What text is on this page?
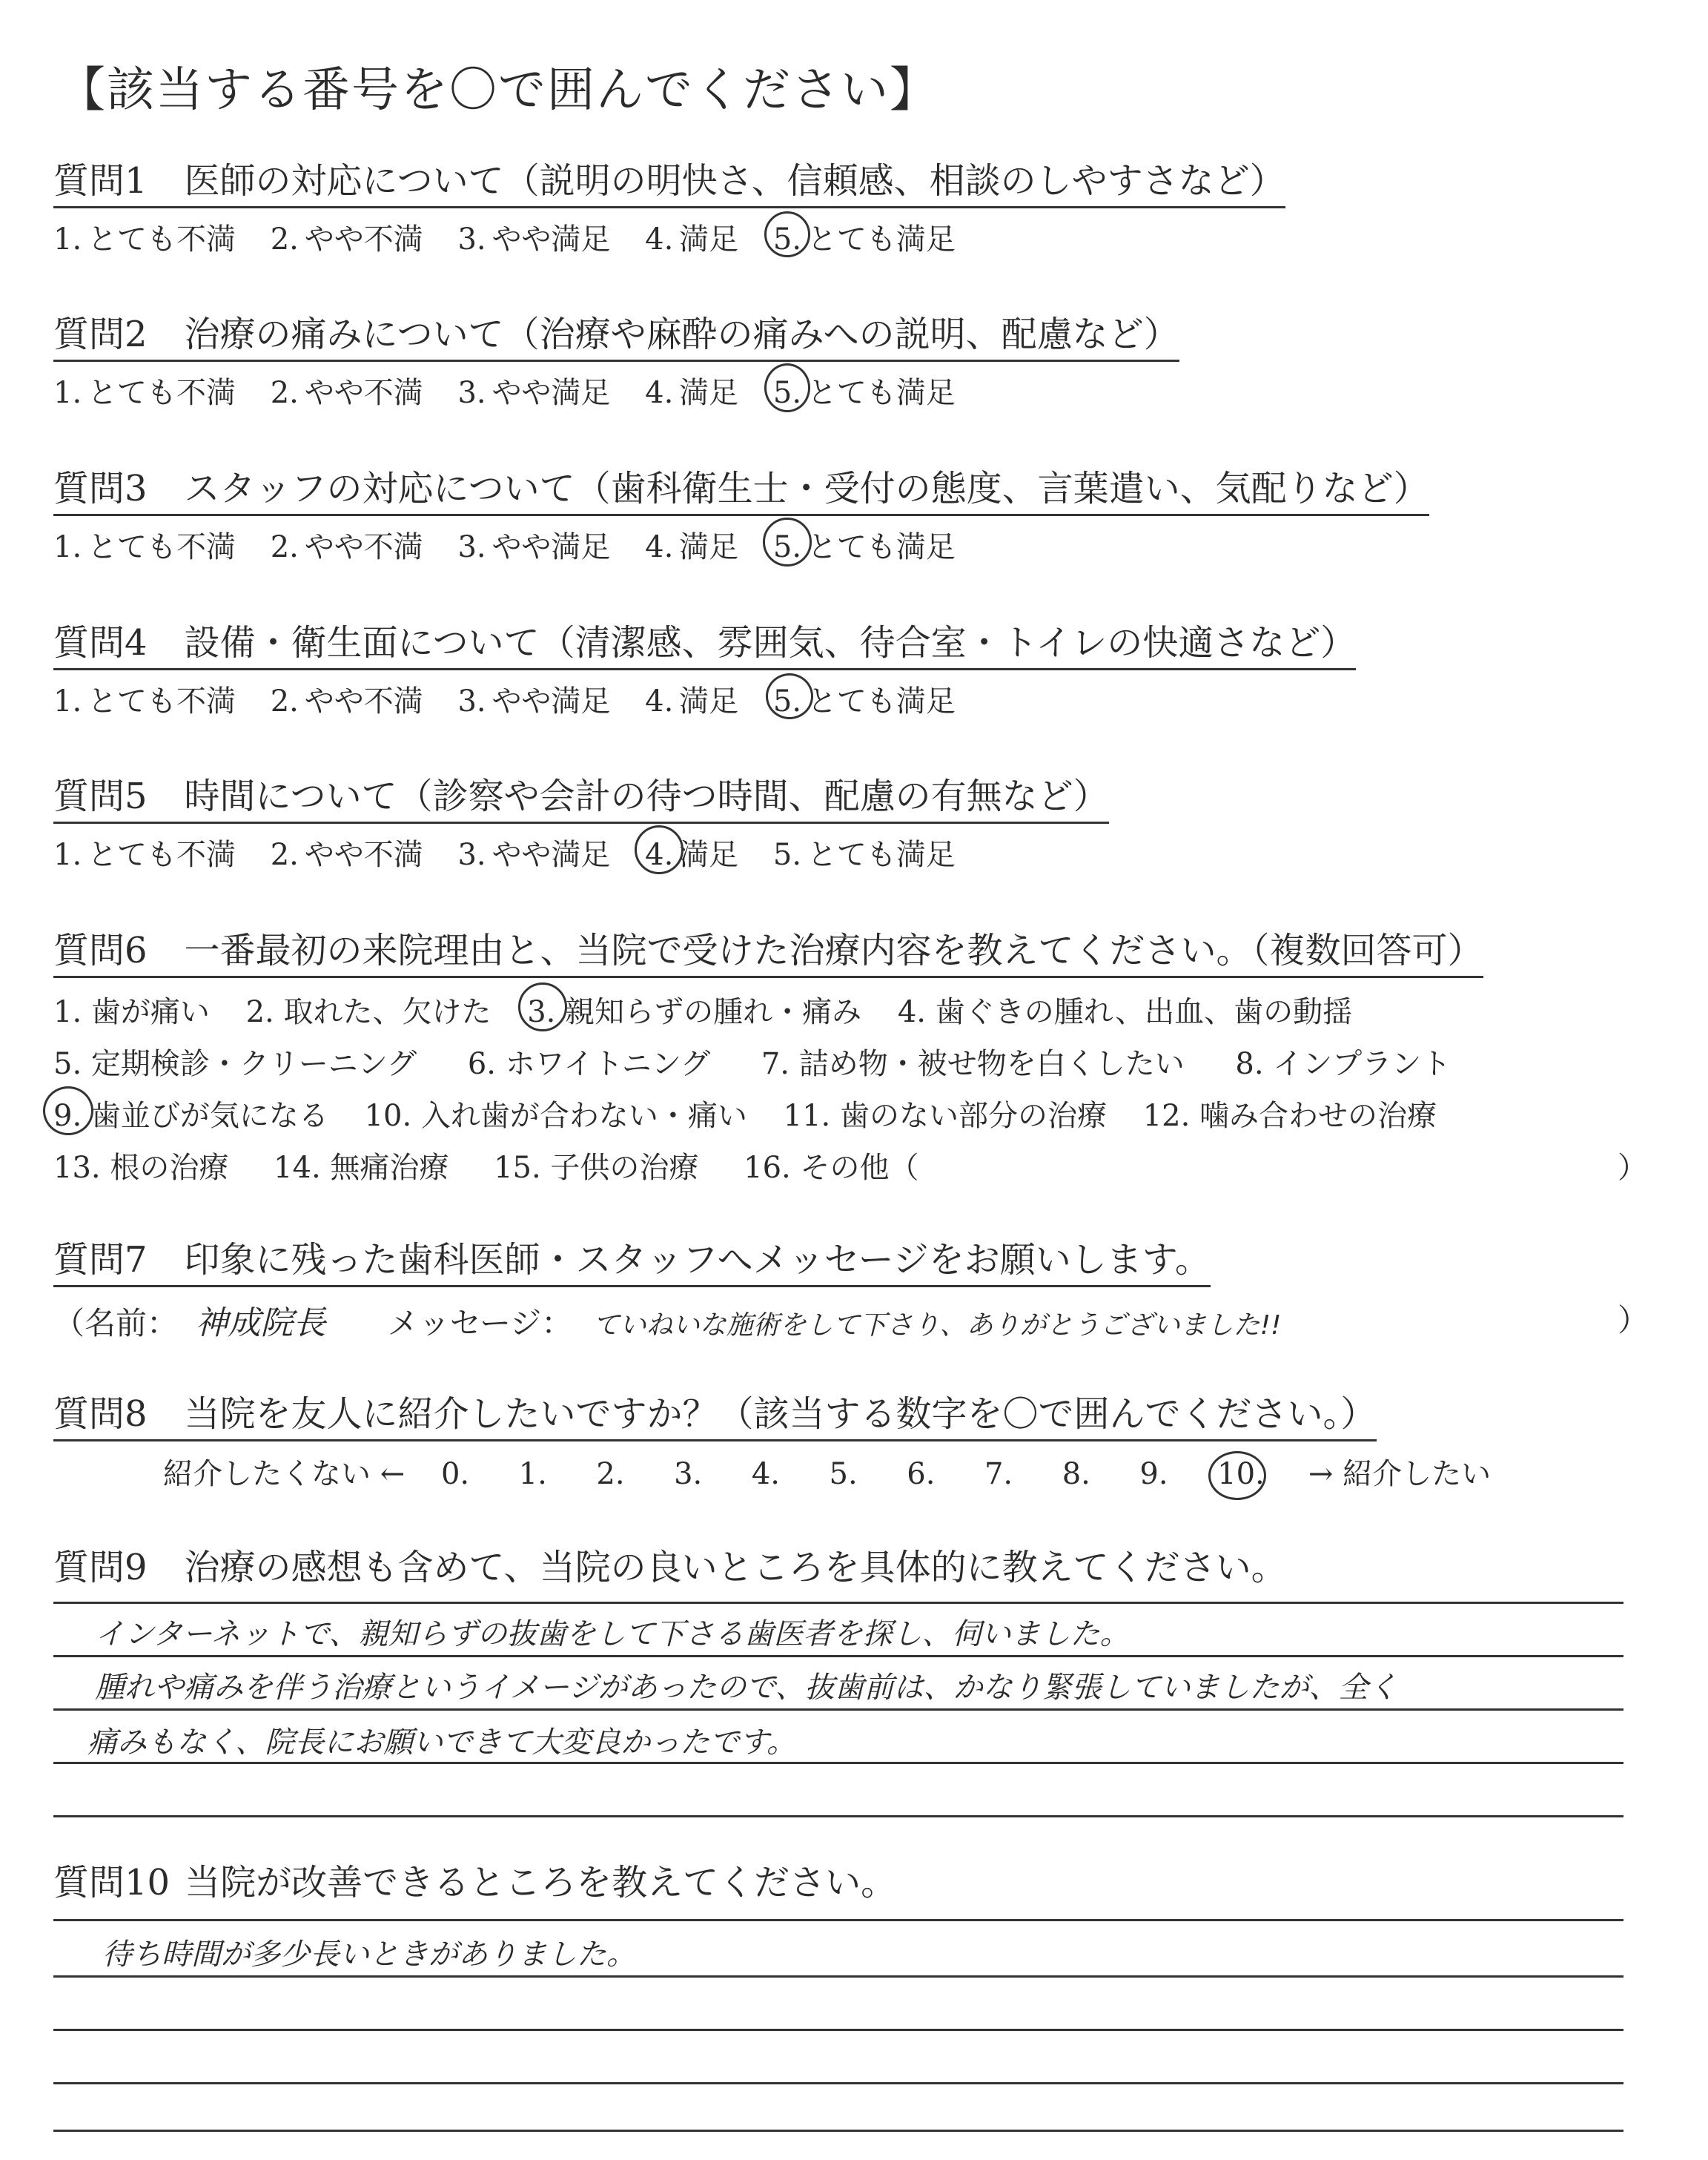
【該当する番号を〇で囲んでください】
質問1 医師の対応について（説明の明快さ、信頼感、相談のしやすさなど）
1. とても不満 2. やや不満 3. やや満足 4. 満足 5. とても満足
質問2 治療の痛みについて（治療や麻酔の痛みへの説明、配慮など）
1. とても不満 2. やや不満 3. やや満足 4. 満足 5. とても満足
質問3 スタッフの対応について（歯科衛生士・受付の態度、言葉遣い、気配りなど）
1. とても不満 2. やや不満 3. やや満足 4. 満足 5. とても満足
質問4 設備・衛生面について（清潔感、雰囲気、待合室・トイレの快適さなど）
1. とても不満 2. やや不満 3. やや満足 4. 満足 5. とても満足
質問5 時間について（診察や会計の待つ時間、配慮の有無など）
1. とても不満 2. やや不満 3. やや満足 4. 満足 5. とても満足
質問6 一番最初の来院理由と、当院で受けた治療内容を教えてください。（複数回答可）
1. 歯が痛い 2. 取れた、欠けた 3. 親知らずの腫れ・痛み 4. 歯ぐきの腫れ、出血、歯の動揺
5. 定期検診・クリーニング 6. ホワイトニング 7. 詰め物・被せ物を白くしたい 8. インプラント
9. 歯並びが気になる 10. 入れ歯が合わない・痛い 11. 歯のない部分の治療 12. 噛み合わせの治療
13. 根の治療 14. 無痛治療 15. 子供の治療 16. その他（	）
質問7 印象に残った歯科医師・スタッフへメッセージをお願いします。
（名前： 神成院長 メッセージ： ていねいな施術をして下さり、ありがとうございました!!	）
質問8 当院を友人に紹介したいですか？（該当する数字を〇で囲んでください。）
紹介したくない ← 0. 1. 2. 3. 4. 5. 6. 7. 8. 9. 10. → 紹介したい
質問9 治療の感想も含めて、当院の良いところを具体的に教えてください。
インターネットで、親知らずの抜歯をして下さる歯医者を探し、伺いました。
腫れや痛みを伴う治療というイメージがあったので、抜歯前は、かなり緊張していましたが、全く
痛みもなく、院長にお願いできて大変良かったです。
質問10 当院が改善できるところを教えてください。
待ち時間が多少長いときがありました。
